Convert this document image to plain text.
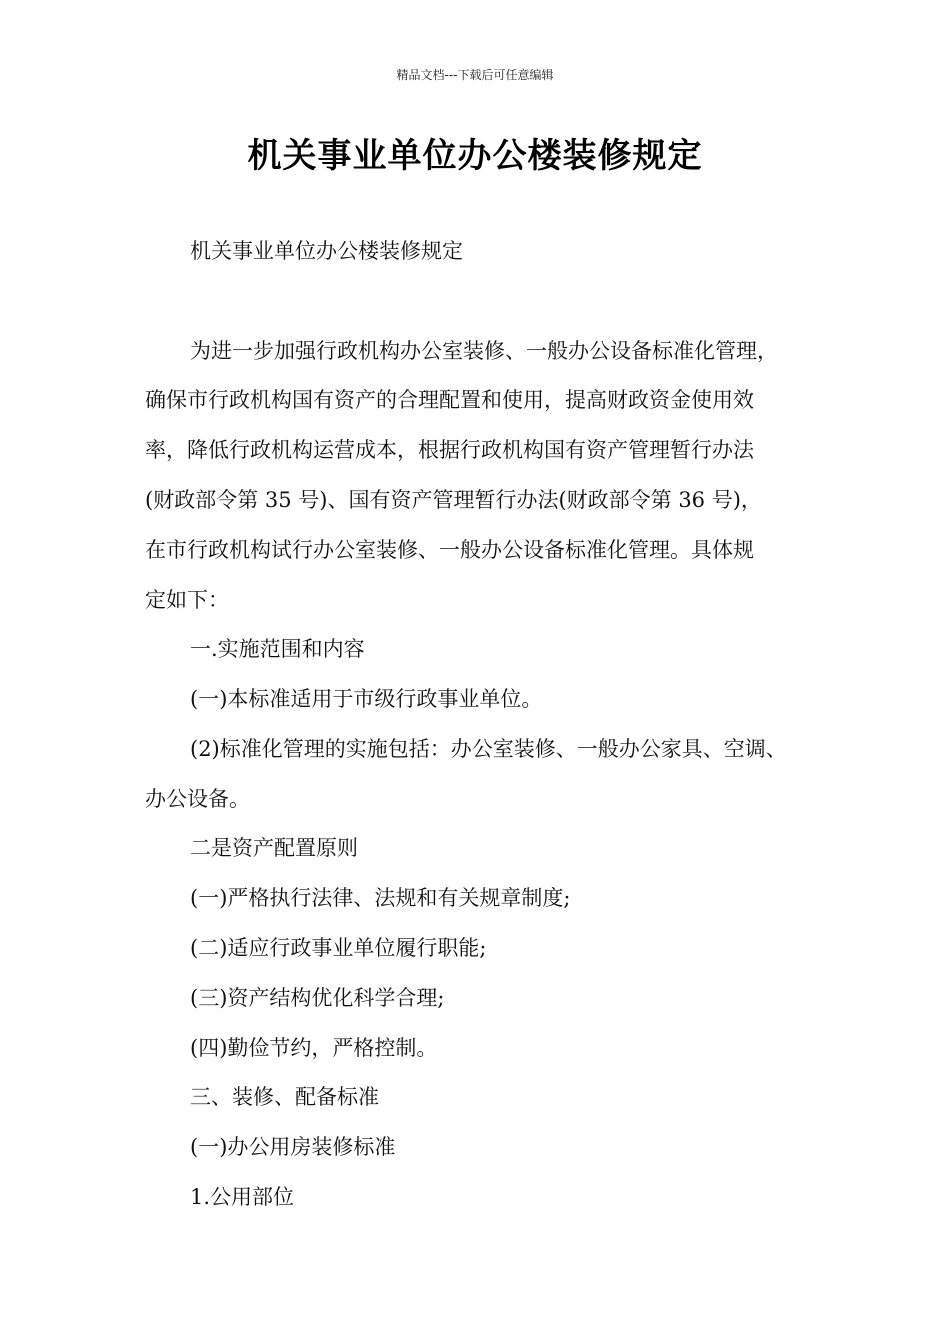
精品文档---下载后可任意编辑
机关事业单位办公楼装修规定
机关事业单位办公楼装修规定
为进一步加强行政机构办公室装修、一般办公设备标准化管理，
确保市行政机构国有资产的合理配置和使用，提高财政资金使用效
率，降低行政机构运营成本，根据行政机构国有资产管理暂行办法
(财政部令第 35 号)、国有资产管理暂行办法(财政部令第 36 号)，
在市行政机构试行办公室装修、一般办公设备标准化管理。具体规
定如下：
一.实施范围和内容
(一)本标准适用于市级行政事业单位。
(2)标准化管理的实施包括：办公室装修、一般办公家具、空调、
办公设备。
二是资产配置原则
(一)严格执行法律、法规和有关规章制度;
(二)适应行政事业单位履行职能;
(三)资产结构优化科学合理;
(四)勤俭节约，严格控制。
三、装修、配备标准
(一)办公用房装修标准
1.公用部位
